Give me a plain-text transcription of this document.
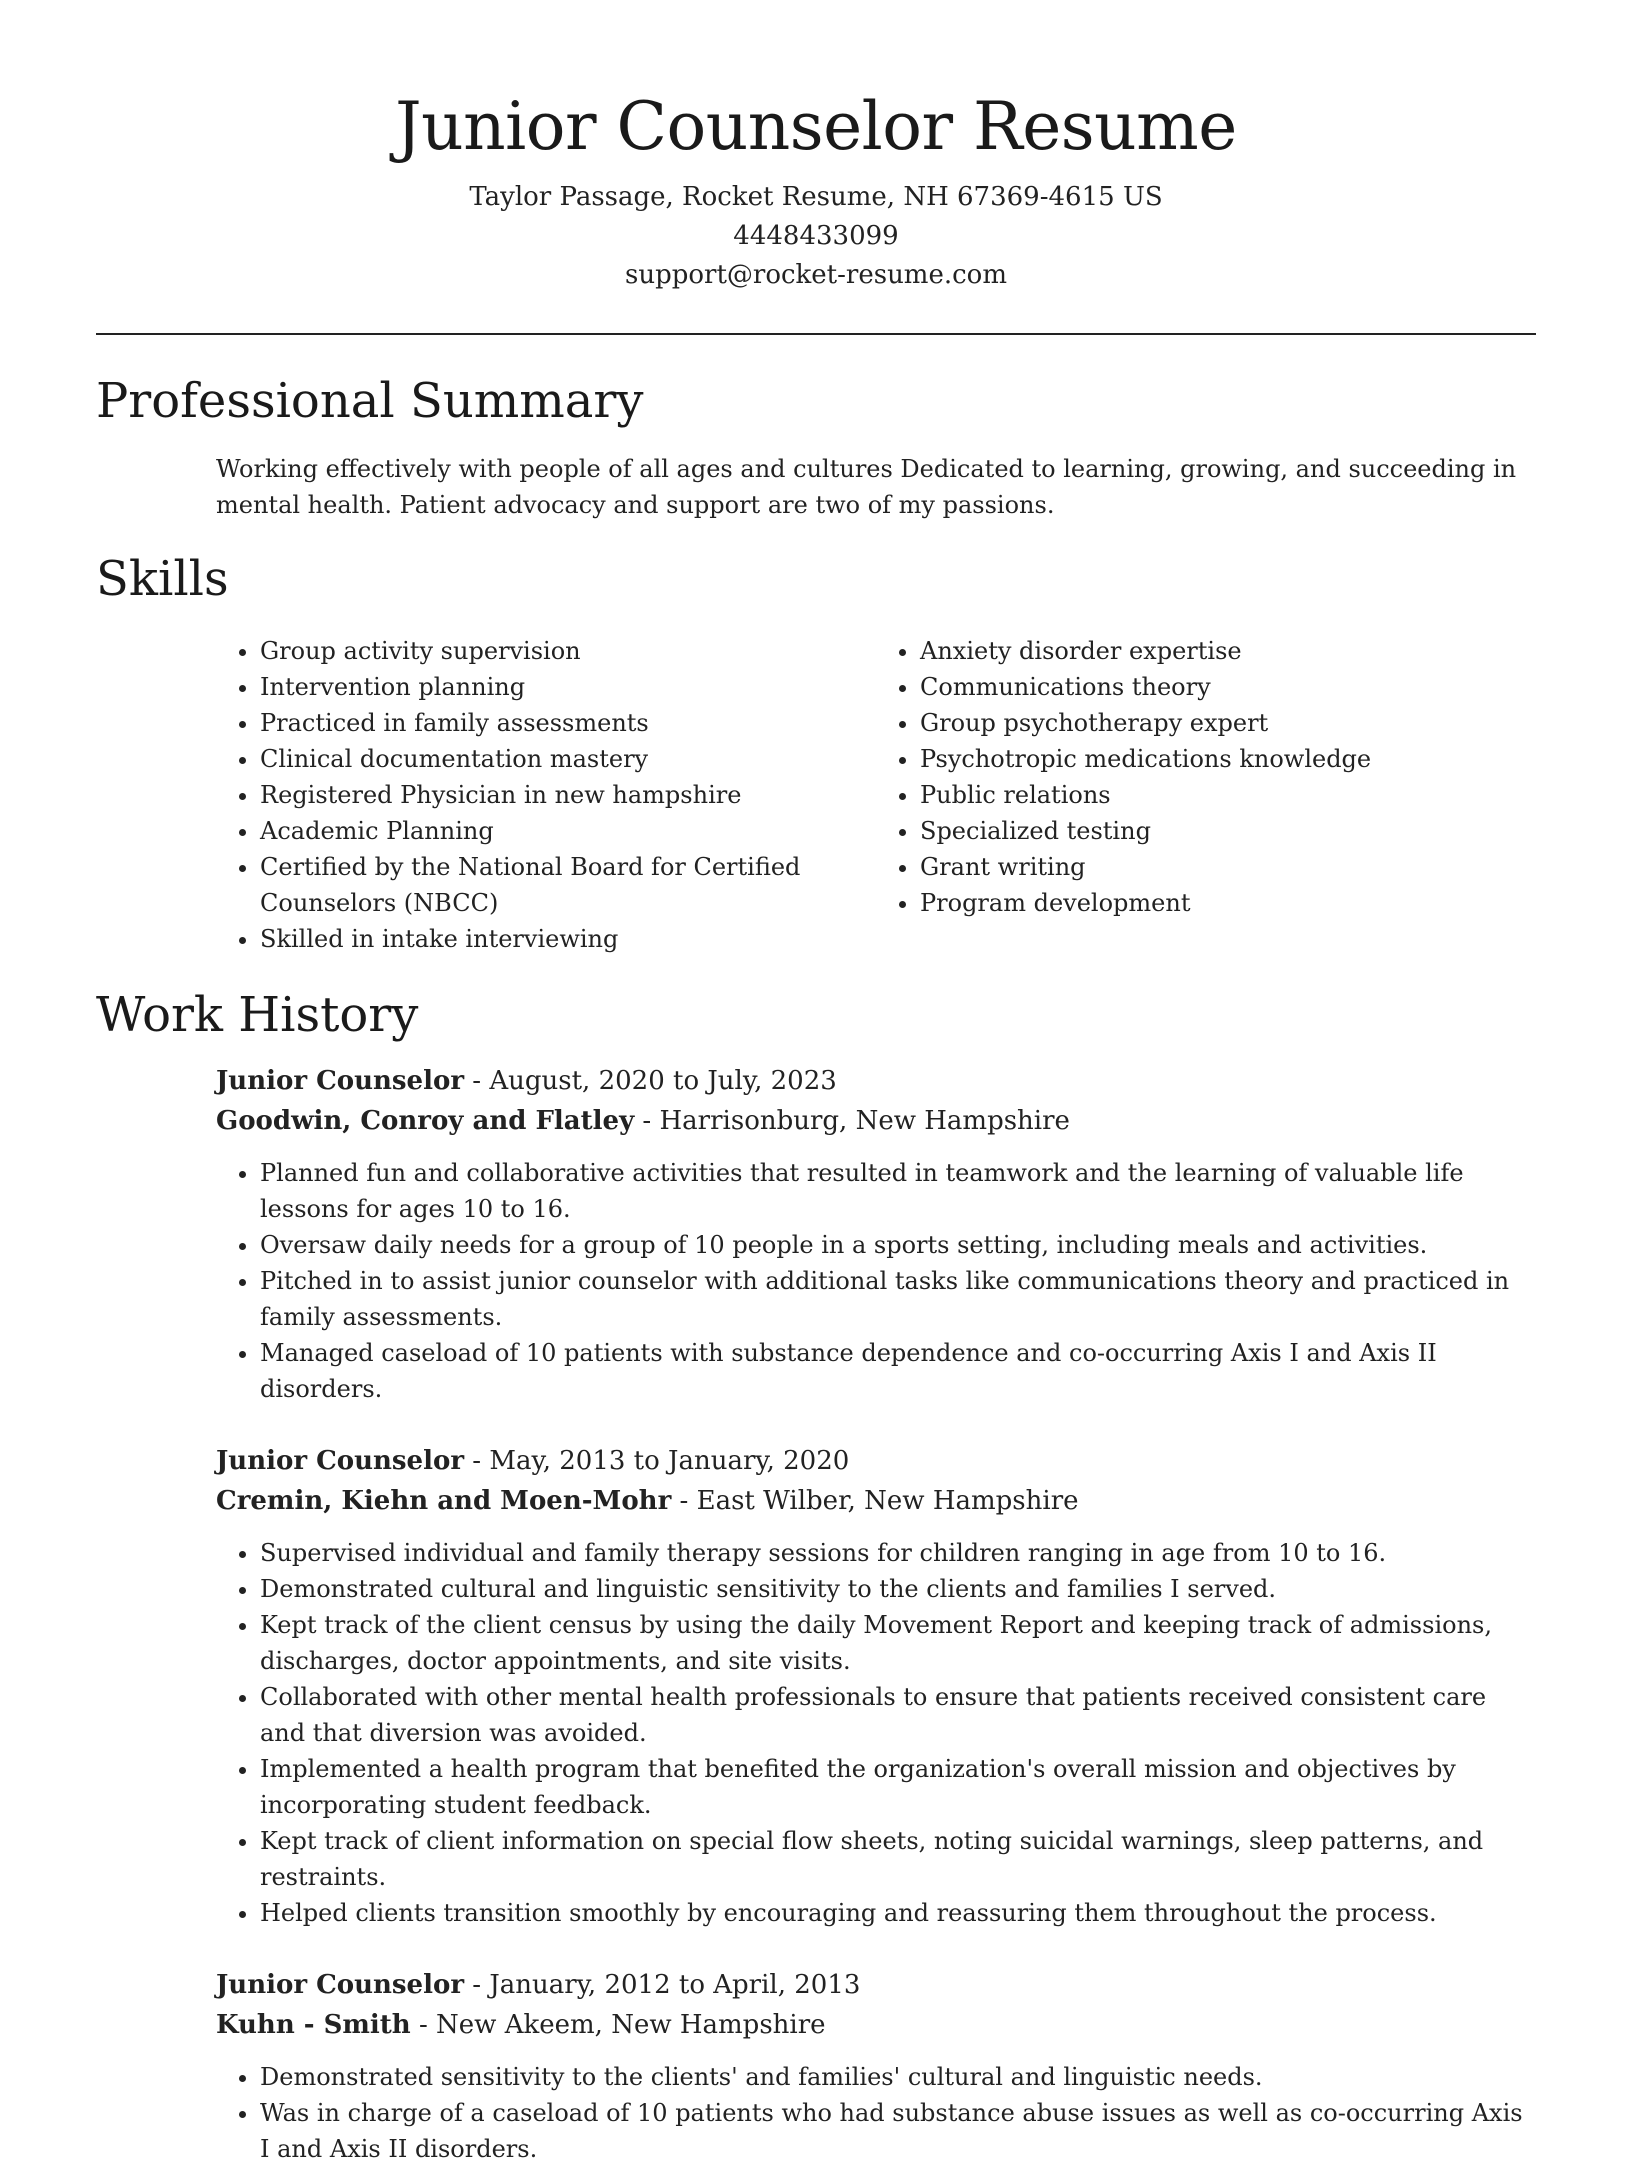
Junior Counselor Resume
Taylor Passage, Rocket Resume, NH 67369-4615 US
4448433099
support@rocket-resume.com
Professional Summary
Working effectively with people of all ages and cultures Dedicated to learning, growing, and succeeding in mental health. Patient advocacy and support are two of my passions.
Skills
• Group activity supervision
• Intervention planning
• Practiced in family assessments
• Clinical documentation mastery
• Registered Physician in new hampshire
• Academic Planning
• Certified by the National Board for Certified Counselors (NBCC)
• Skilled in intake interviewing
• Anxiety disorder expertise
• Communications theory
• Group psychotherapy expert
• Psychotropic medications knowledge
• Public relations
• Specialized testing
• Grant writing
• Program development
Work History
Junior Counselor - August, 2020 to July, 2023
Goodwin, Conroy and Flatley - Harrisonburg, New Hampshire
• Planned fun and collaborative activities that resulted in teamwork and the learning of valuable life lessons for ages 10 to 16.
• Oversaw daily needs for a group of 10 people in a sports setting, including meals and activities.
• Pitched in to assist junior counselor with additional tasks like communications theory and practiced in family assessments.
• Managed caseload of 10 patients with substance dependence and co-occurring Axis I and Axis II disorders.
Junior Counselor - May, 2013 to January, 2020
Cremin, Kiehn and Moen-Mohr - East Wilber, New Hampshire
• Supervised individual and family therapy sessions for children ranging in age from 10 to 16.
• Demonstrated cultural and linguistic sensitivity to the clients and families I served.
• Kept track of the client census by using the daily Movement Report and keeping track of admissions, discharges, doctor appointments, and site visits.
• Collaborated with other mental health professionals to ensure that patients received consistent care and that diversion was avoided.
• Implemented a health program that benefited the organization's overall mission and objectives by incorporating student feedback.
• Kept track of client information on special flow sheets, noting suicidal warnings, sleep patterns, and restraints.
• Helped clients transition smoothly by encouraging and reassuring them throughout the process.
Junior Counselor - January, 2012 to April, 2013
Kuhn - Smith - New Akeem, New Hampshire
• Demonstrated sensitivity to the clients' and families' cultural and linguistic needs.
• Was in charge of a caseload of 10 patients who had substance abuse issues as well as co-occurring Axis I and Axis II disorders.
